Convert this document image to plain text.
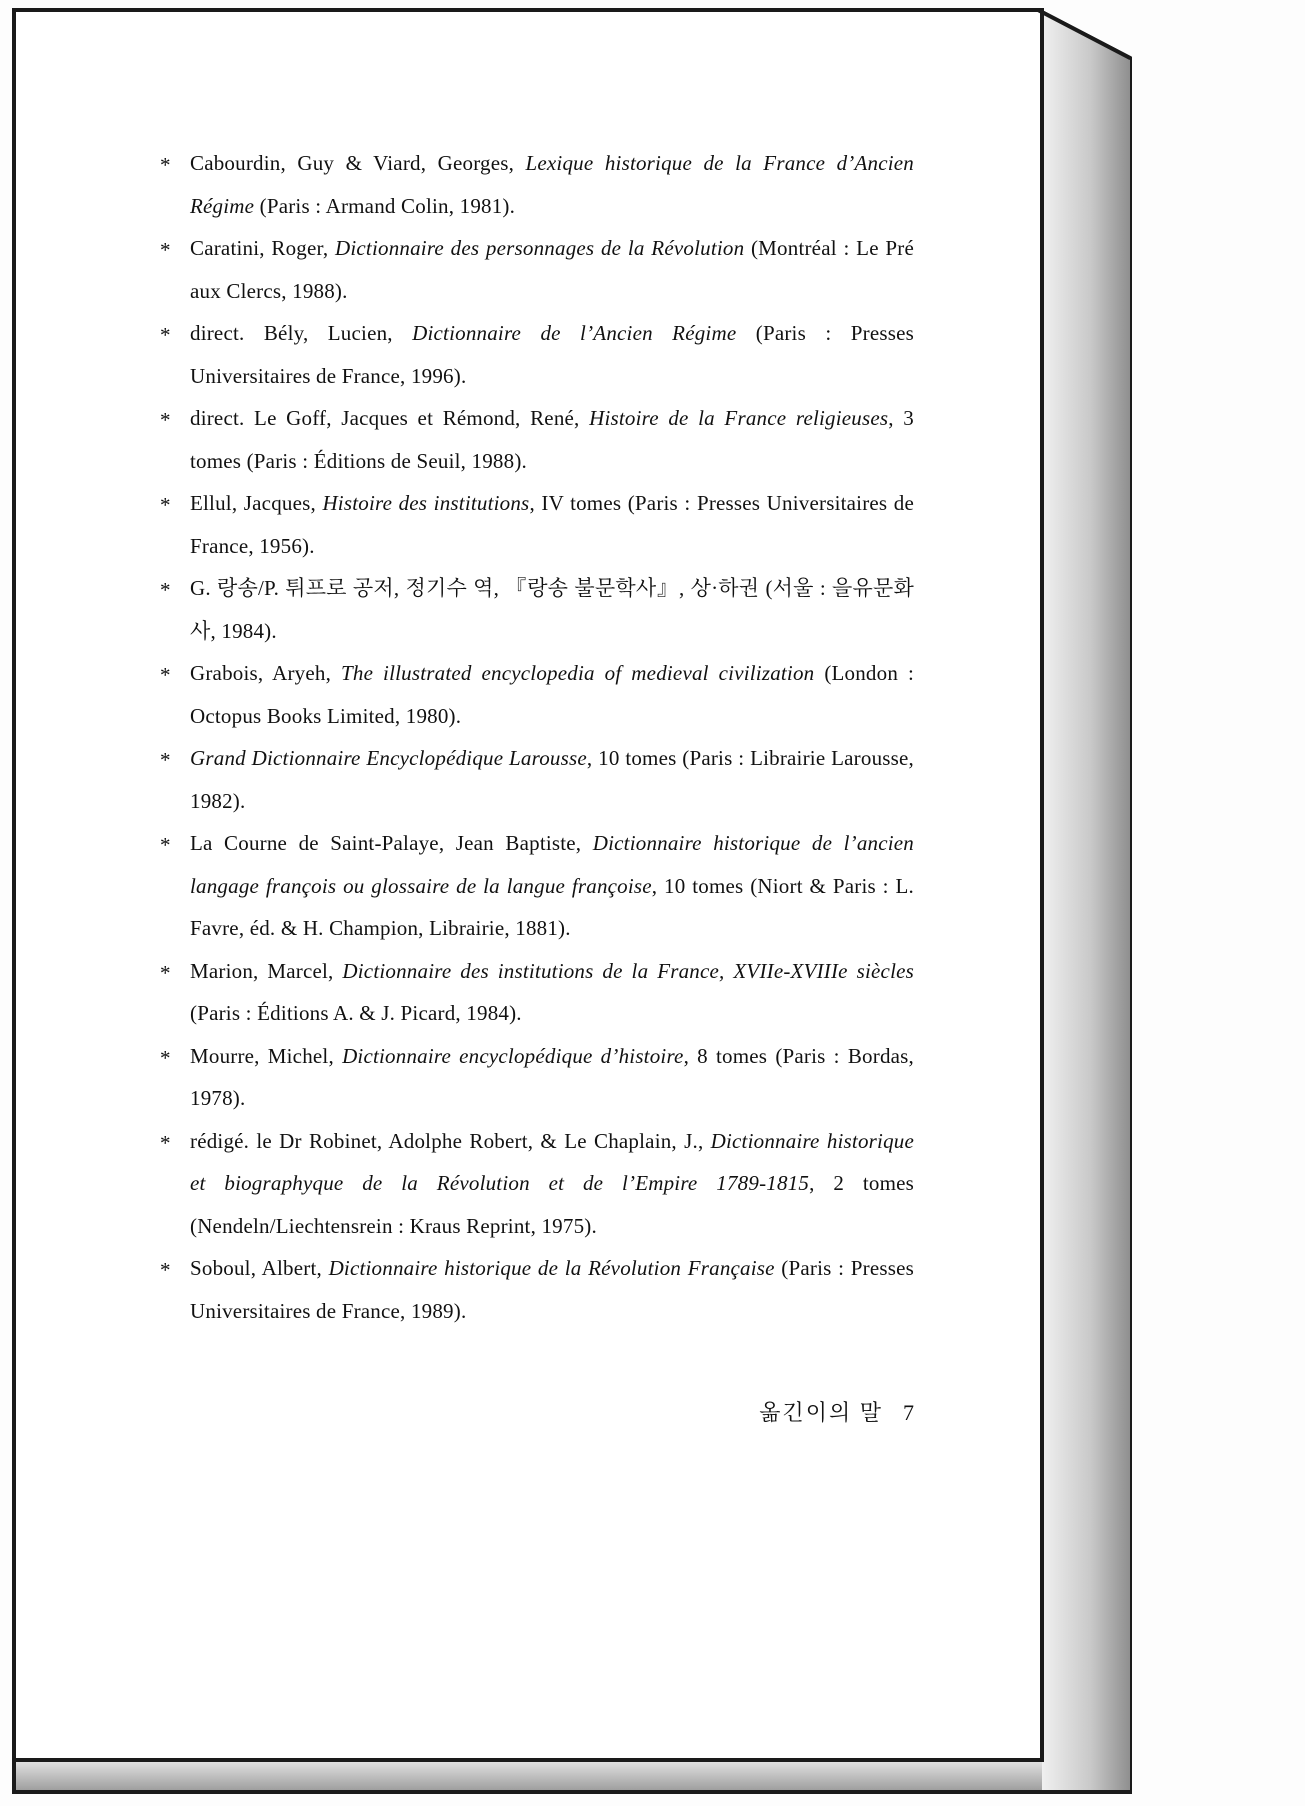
* Cabourdin, Guy & Viard, Georges, Lexique historique de la France d’Ancien Régime (Paris : Armand Colin, 1981).
* Caratini, Roger, Dictionnaire des personnages de la Révolution (Montréal : Le Pré aux Clercs, 1988).
* direct. Bély, Lucien, Dictionnaire de l’Ancien Régime (Paris : Presses Universitaires de France, 1996).
* direct. Le Goff, Jacques et Rémond, René, Histoire de la France religieuses, 3 tomes (Paris : Éditions de Seuil, 1988).
* Ellul, Jacques, Histoire des institutions, IV tomes (Paris : Presses Universitaires de France, 1956).
* G. 랑송/P. 튀프로 공저, 정기수 역, 『랑송 불문학사』, 상·하권 (서울 : 을유문화사, 1984).
* Grabois, Aryeh, The illustrated encyclopedia of medieval civilization (London : Octopus Books Limited, 1980).
* Grand Dictionnaire Encyclopédique Larousse, 10 tomes (Paris : Librairie Larousse, 1982).
* La Courne de Saint-Palaye, Jean Baptiste, Dictionnaire historique de l’ancien langage françois ou glossaire de la langue françoise, 10 tomes (Niort & Paris : L. Favre, éd. & H. Champion, Librairie, 1881).
* Marion, Marcel, Dictionnaire des institutions de la France, XVIIe-XVIIIe siècles (Paris : Éditions A. & J. Picard, 1984).
* Mourre, Michel, Dictionnaire encyclopédique d’histoire, 8 tomes (Paris : Bordas, 1978).
* rédigé. le Dr Robinet, Adolphe Robert, & Le Chaplain, J., Dictionnaire historique et biographyque de la Révolution et de l’Empire 1789-1815, 2 tomes (Nendeln/Liechtensrein : Kraus Reprint, 1975).
* Soboul, Albert, Dictionnaire historique de la Révolution Française (Paris : Presses Universitaires de France, 1989).
옮긴이의 말 7
